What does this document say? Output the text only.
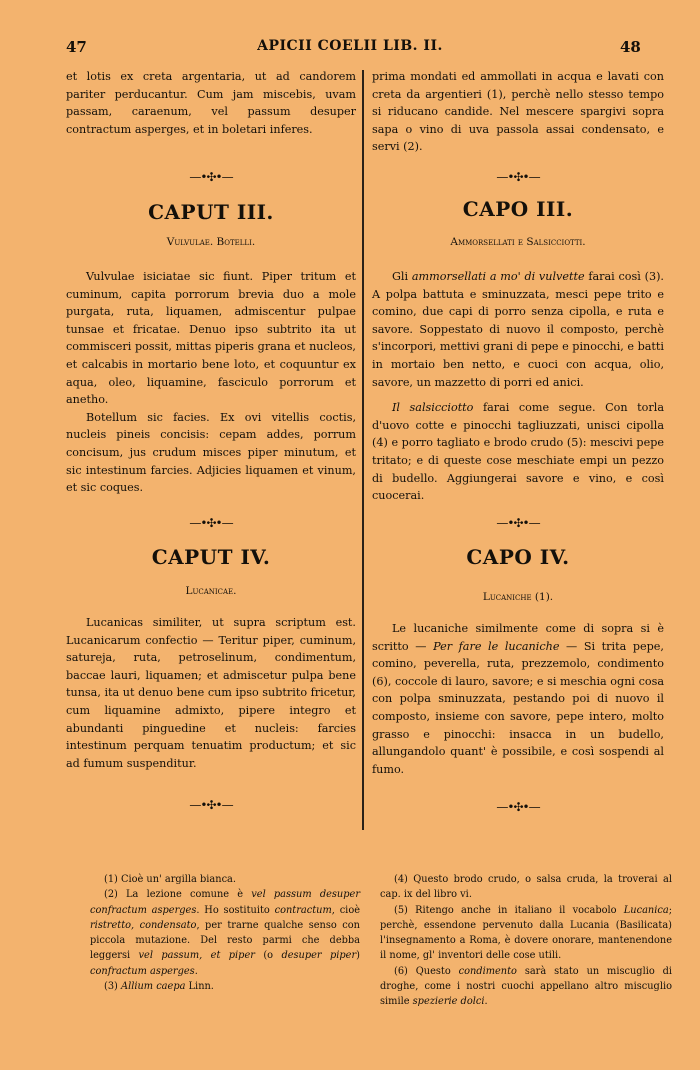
47	APICII COELII LIB. II.	48
et lotis ex creta argentaria, ut ad candorem pariter perducantur. Cum jam miscebis, uvam passam, caraenum, vel passum desuper contractum asperges, et in boletari inferes.
—•✣•—
CAPUT III.
Vulvulae. Botelli.

Vulvulae isiciatae sic fiunt. Piper tritum et cuminum, capita porrorum brevia duo a mole purgata, ruta, liquamen, admiscentur pulpae tunsae et fricatae. Denuo ipso subtrito ita ut commisceri possit, mittas piperis grana et nucleos, et calcabis in mortario bene loto, et coquuntur ex aqua, oleo, liquamine, fasciculo porrorum et anetho.

Botellum sic facies. Ex ovi vitellis coctis, nucleis pineis concisis: cepam addes, porrum concisum, jus crudum misces piper minutum, et sic intestinum farcies. Adjicies liquamen et vinum, et sic coques.

—•✣•—
CAPUT IV.
Lucanicae.

Lucanicas similiter, ut supra scriptum est. Lucanicarum confectio — Teritur piper, cuminum, satureja, ruta, petroselinum, condimentum, baccae lauri, liquamen; et admiscetur pulpa bene tunsa, ita ut denuo bene cum ipso subtrito fricetur, cum liquamine admixto, pipere integro et abundanti pinguedine et nucleis: farcies intestinum perquam tenuatim productum; et sic ad fumum suspenditur.

—•✣•—
prima mondati ed ammollati in acqua e lavati con creta da argentieri (1), perchè nello stesso tempo si riducano candide. Nel mescere spargivi sopra sapa o vino di uva passola assai condensato, e servi (2).
—•✣•—
CAPO III.
Ammorsellati e Salsicciotti.

Gli ammorsellati a mo' di vulvette farai così (3). A polpa battuta e sminuzzata, mesci pepe trito e comino, due capi di porro senza cipolla, e ruta e savore. Soppestato di nuovo il composto, perchè s'incorpori, mettivi grani di pepe e pinocchi, e batti in mortaio ben netto, e cuoci con acqua, olio, savore, un mazzetto di porri ed anici.

Il salsicciotto farai come segue. Con torla d'uovo cotte e pinocchi tagliuzzati, unisci cipolla (4) e porro tagliato e brodo crudo (5): mescivi pepe tritato; e di queste cose meschiate empi un pezzo di budello. Aggiungerai savore e vino, e così cuocerai.

—•✣•—
CAPO IV.
Lucaniche (1).

Le lucaniche similmente come di sopra si è scritto — Per fare le lucaniche — Si trita pepe, comino, peverella, ruta, prezzemolo, condimento (6), coccole di lauro, savore; e si meschia ogni cosa con polpa sminuzzata, pestando poi di nuovo il composto, insieme con savore, pepe intero, molto grasso e pinocchi: insacca in un budello, allungandolo quant' è possibile, e così sospendi al fumo.

—•✣•—

(1) Cioè un' argilla bianca.

(2) La lezione comune è vel passum desuper confractum asperges. Ho sostituito contractum, cioè ristretto, condensato, per trarne qualche senso con piccola mutazione. Del resto parmi che debba leggersi vel passum, et piper (o desuper piper) confractum asperges.

(3) Allium caepa Linn.

(4) Questo brodo crudo, o salsa cruda, la troverai al cap. ix del libro vi.

(5) Ritengo anche in italiano il vocabolo Lucanica; perchè, essendone pervenuto dalla Lucania (Basilicata) l'insegnamento a Roma, è dovere onorare, mantenendone il nome, gl' inventori delle cose utili.

(6) Questo condimento sarà stato un miscuglio di droghe, come i nostri cuochi appellano altro miscuglio simile spezierie dolci.
